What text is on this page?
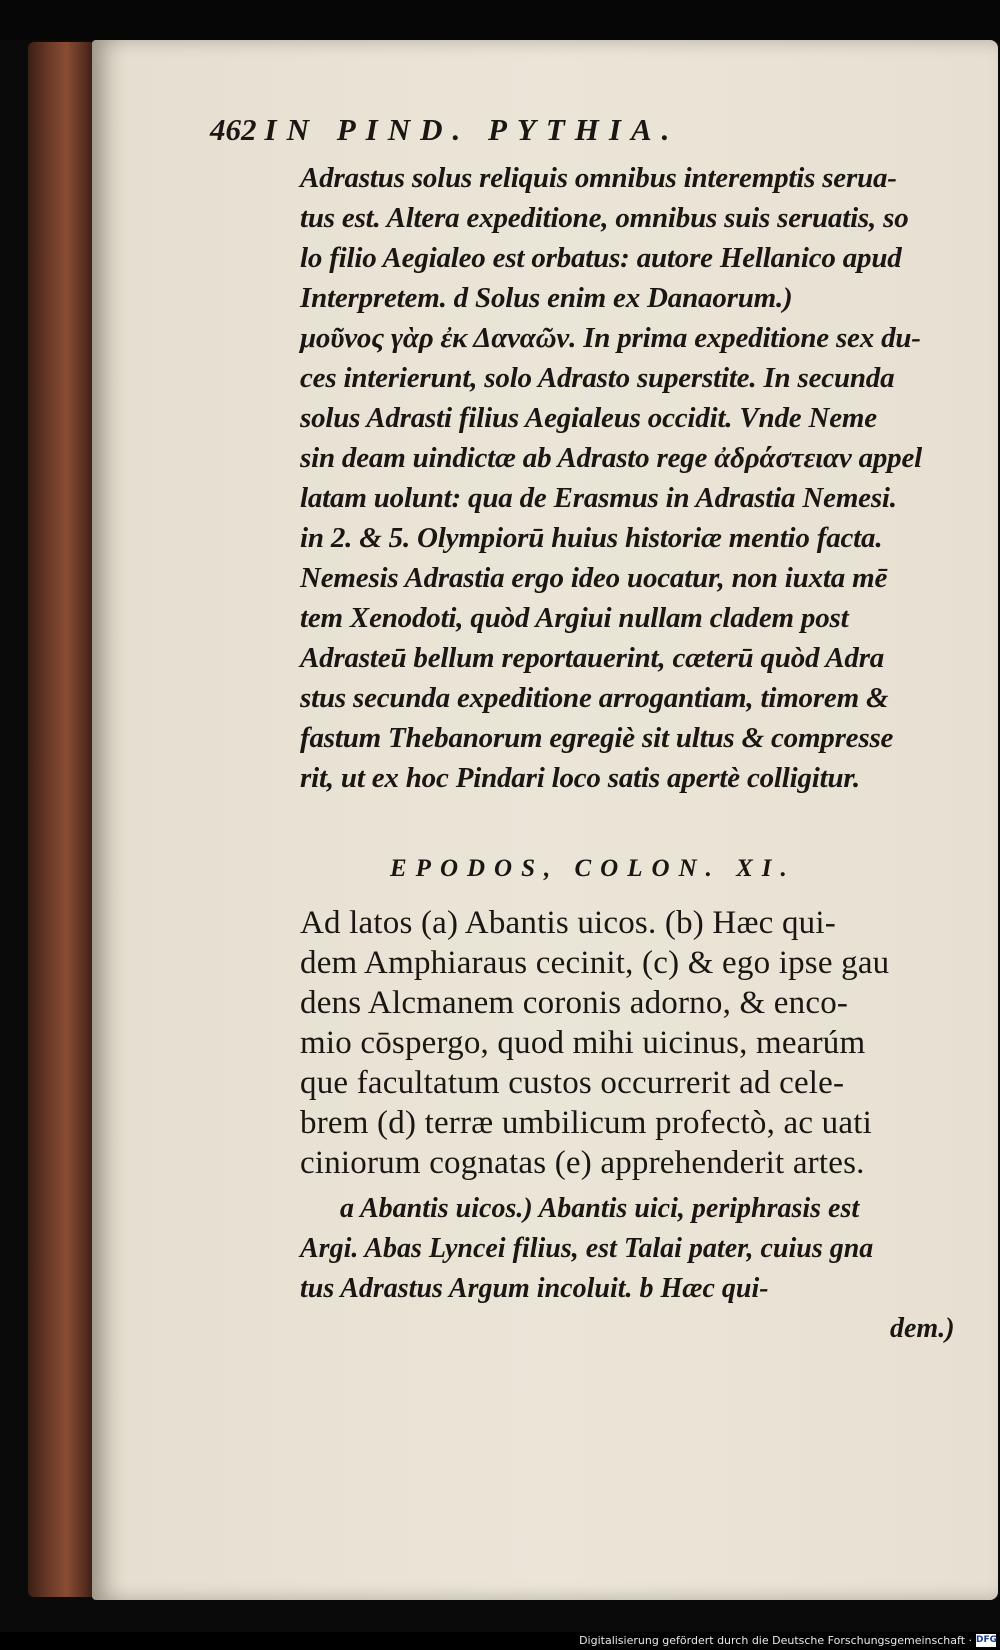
462 IN PIND. PYTHIA.
Adrastus solus reliquis omnibus interemptis serua-
tus est. Altera expeditione, omnibus suis seruatis, so
lo filio Aegialeo est orbatus: autore Hellanico apud
Interpretem. d Solus enim ex Danaorum.)
μοῦνος γὰρ ἐκ Δαναῶν. In prima expeditione sex du-
ces interierunt, solo Adrasto superstite. In secunda
solus Adrasti filius Aegialeus occidit. Vnde Neme
sin deam uindictæ ab Adrasto rege ἀδράστειαν appel
latam uolunt: qua de Erasmus in Adrastia Nemesi.
in 2. & 5. Olympiorū huius historiæ mentio facta.
Nemesis Adrastia ergo ideo uocatur, non iuxta mē
tem Xenodoti, quòd Argiui nullam cladem post
Adrasteū bellum reportauerint, cæterū quòd Adra
stus secunda expeditione arrogantiam, timorem &
fastum Thebanorum egregiè sit ultus & compresse
rit, ut ex hoc Pindari loco satis apertè colligitur.
EPODOS, COLON. XI.
Ad latos (a) Abantis uicos. (b) Hæc qui-
dem Amphiaraus cecinit, (c) & ego ipse gau
dens Alcmanem coronis adorno, & enco-
mio cōspergo, quod mihi uicinus, mearúm
que facultatum custos occurrerit ad cele-
brem (d) terræ umbilicum profectò, ac uati
ciniorum cognatas (e) apprehenderit artes.
a Abantis uicos.) Abantis uici, periphrasis est
Argi. Abas Lyncei filius, est Talai pater, cuius gna
tus Adrastus Argum incoluit. b Hæc qui-
dem.)
Digitalisierung gefördert durch die Deutsche Forschungsgemeinschaft · DFG
